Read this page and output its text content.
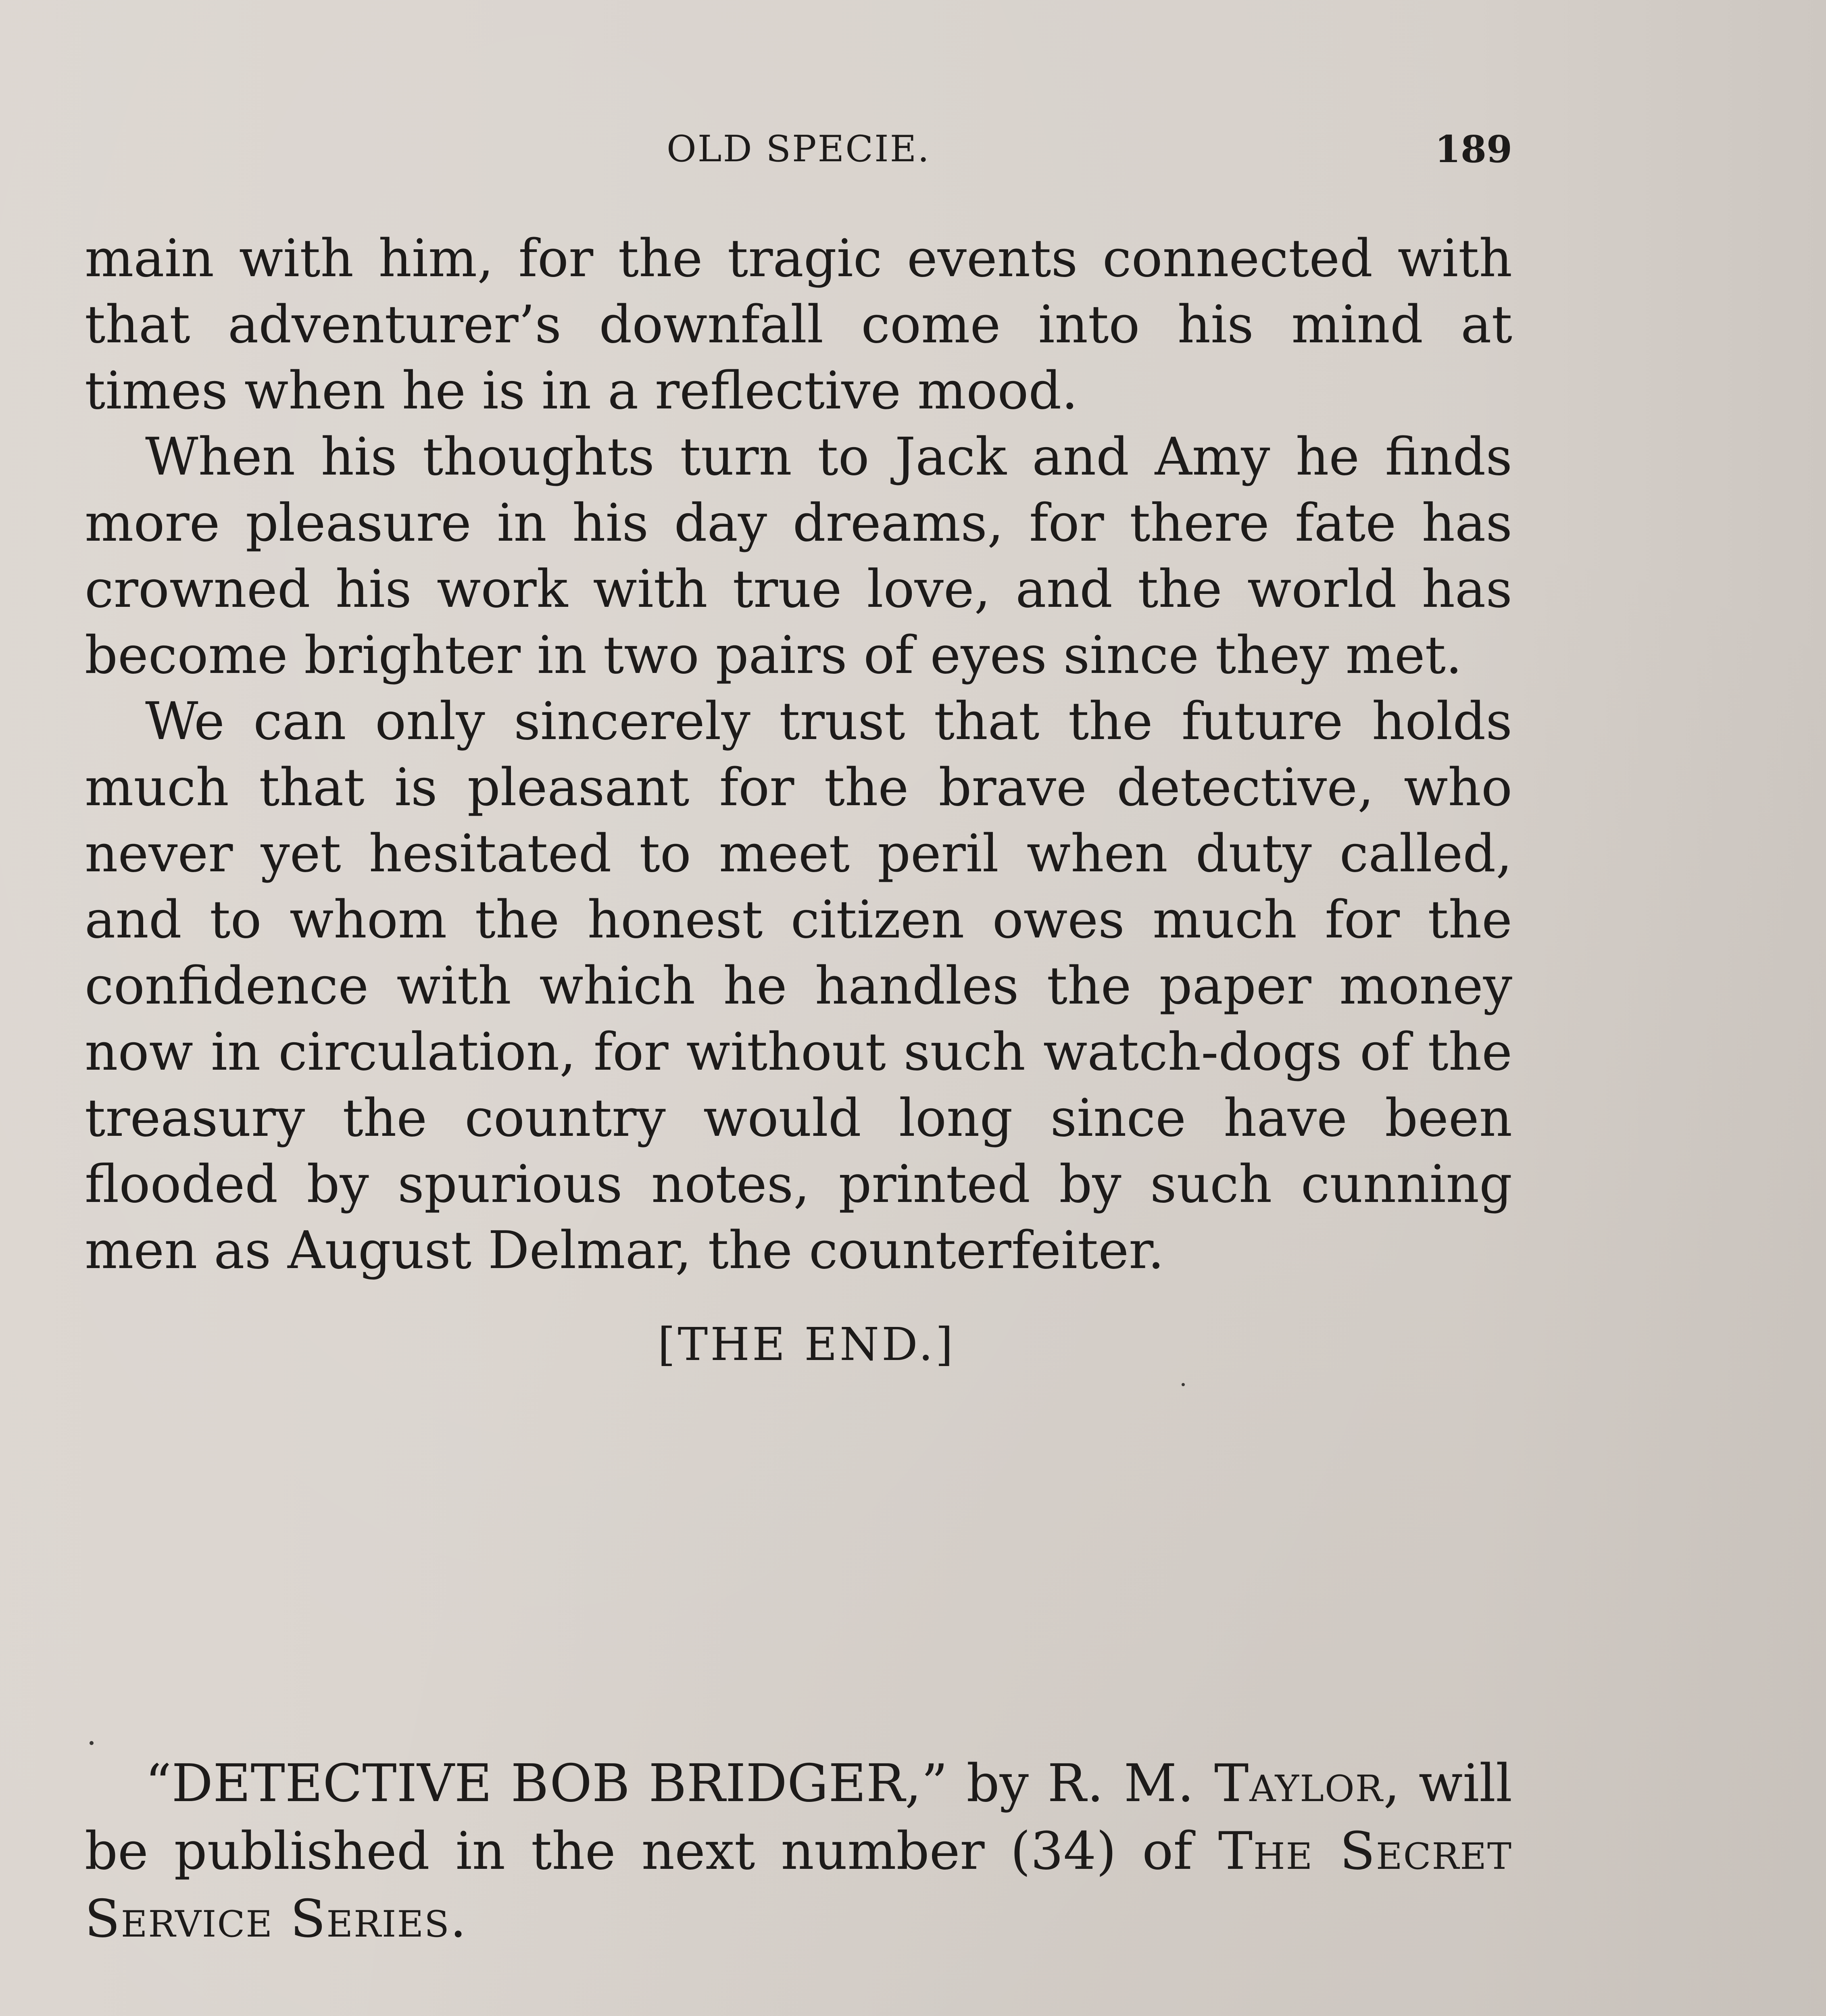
OLD SPECIE.	189

main with him, for the tragic events connected with that adventurer’s downfall come into his mind at times when he is in a reflective mood.

When his thoughts turn to Jack and Amy he finds more pleasure in his day dreams, for there fate has crowned his work with true love, and the world has become brighter in two pairs of eyes since they met.

We can only sincerely trust that the future holds much that is pleasant for the brave detective, who never yet hesitated to meet peril when duty called, and to whom the honest citizen owes much for the confidence with which he handles the paper money now in circulation, for without such watch-dogs of the treasury the country would long since have been flooded by spurious notes, printed by such cunning men as August Delmar, the counterfeiter.

[THE END.]

“DETECTIVE BOB BRIDGER,” by R. M. Taylor, will be published in the next number (34) of The Secret Service Series.
